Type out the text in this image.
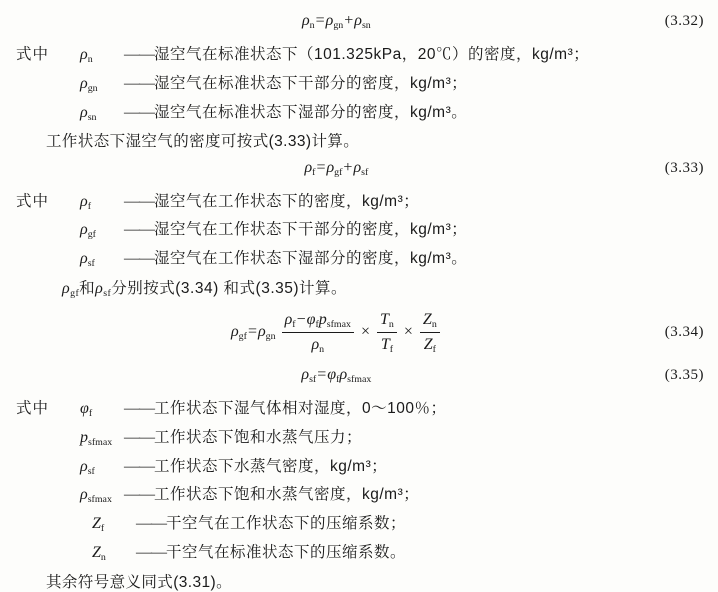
$\rho_n=\rho_{gn}+\rho_{sn}$	(3.32)
式中	$\rho_n$	—— 湿空气在标准状态下（101.325kPa，20℃）的密度，kg/m³；
$\rho_{gn}$	—— 湿空气在标准状态下干部分的密度，kg/m³；
$\rho_{sn}$	—— 湿空气在标准状态下湿部分的密度，kg/m³。
工作状态下湿空气的密度可按式(3.33)计算。
$\rho_f=\rho_{gf}+\rho_{sf}$	(3.33)
式中	$\rho_f$	—— 湿空气在工作状态下的密度，kg/m³；
$\rho_{gf}$	—— 湿空气在工作状态下干部分的密度，kg/m³；
$\rho_{sf}$	—— 湿空气在工作状态下湿部分的密度，kg/m³。
$\rho_{gf}$和$\rho_{sf}$分别按式(3.34) 和式(3.35)计算。
$\rho_{gf}=\rho_{gn} \frac{\rho_f-\varphi_fp_{sfmax}}{\rho_n} \times \frac{T_n}{T_f} \times \frac{Z_n}{Z_f}$	(3.34)
$\rho_{sf}=\varphi_f\rho_{sfmax}$	(3.35)
式中	$\varphi_f$	—— 工作状态下湿气体相对湿度，0～100％；
$p_{sfmax}$ —— 工作状态下饱和水蒸气压力；
$\rho_{sf}$	—— 工作状态下水蒸气密度，kg/m³；
$\rho_{sfmax}$ —— 工作状态下饱和水蒸气密度，kg/m³；
$Z_f$	—— 干空气在工作状态下的压缩系数；
$Z_n$	—— 干空气在标准状态下的压缩系数。
其余符号意义同式(3.31)。
